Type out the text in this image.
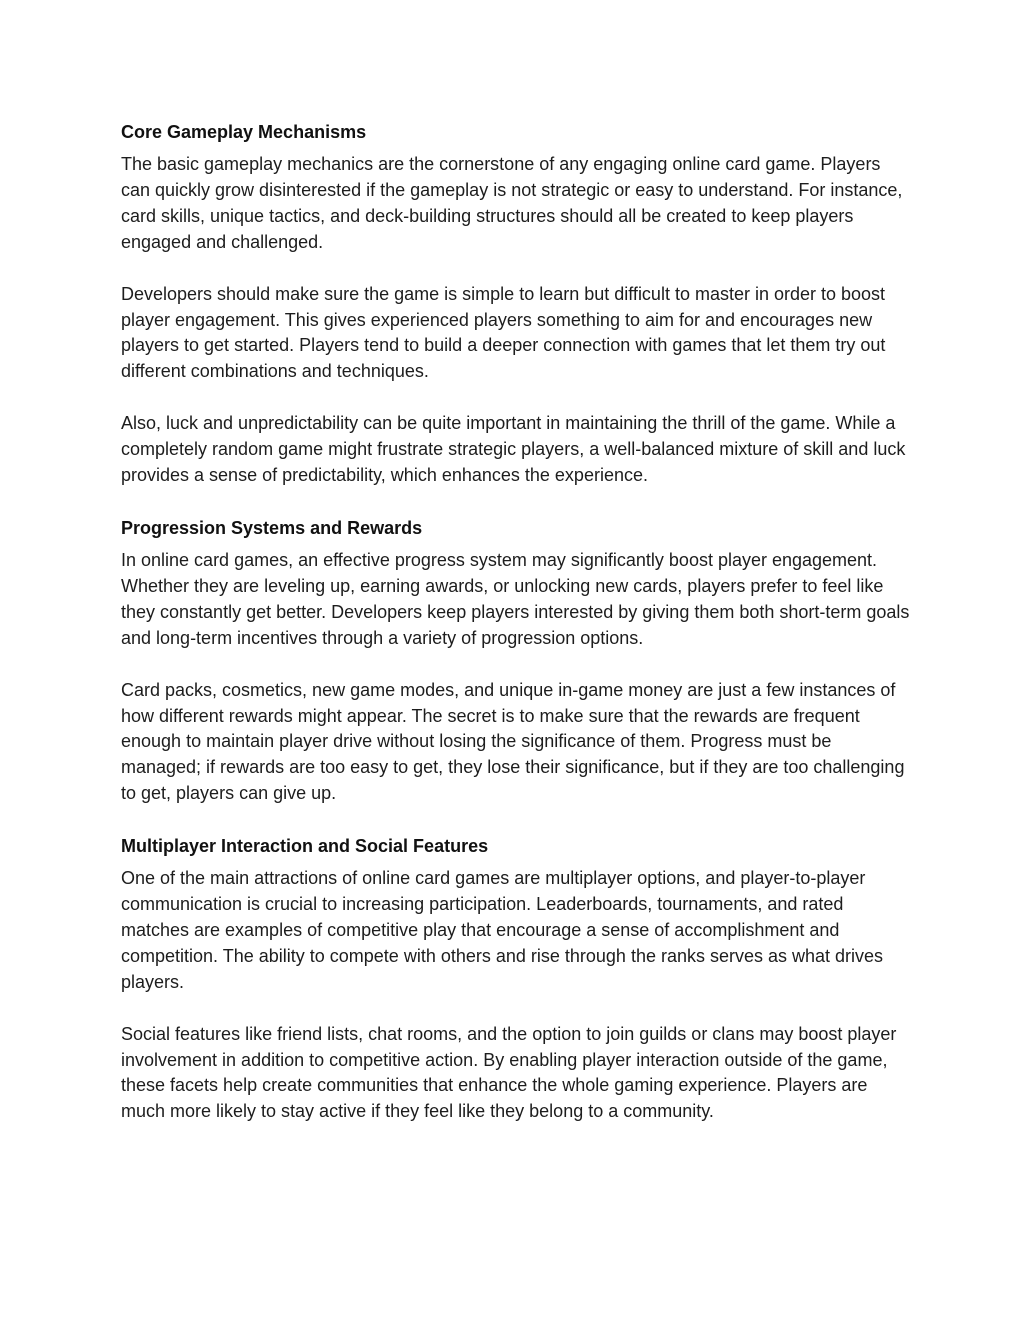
Core Gameplay Mechanisms

The basic gameplay mechanics are the cornerstone of any engaging online card game. Players can quickly grow disinterested if the gameplay is not strategic or easy to understand. For instance, card skills, unique tactics, and deck-building structures should all be created to keep players engaged and challenged.

Developers should make sure the game is simple to learn but difficult to master in order to boost player engagement. This gives experienced players something to aim for and encourages new players to get started. Players tend to build a deeper connection with games that let them try out different combinations and techniques.

Also, luck and unpredictability can be quite important in maintaining the thrill of the game. While a completely random game might frustrate strategic players, a well-balanced mixture of skill and luck provides a sense of predictability, which enhances the experience.

Progression Systems and Rewards

In online card games, an effective progress system may significantly boost player engagement. Whether they are leveling up, earning awards, or unlocking new cards, players prefer to feel like they constantly get better. Developers keep players interested by giving them both short-term goals and long-term incentives through a variety of progression options.

Card packs, cosmetics, new game modes, and unique in-game money are just a few instances of how different rewards might appear. The secret is to make sure that the rewards are frequent enough to maintain player drive without losing the significance of them. Progress must be managed; if rewards are too easy to get, they lose their significance, but if they are too challenging to get, players can give up.

Multiplayer Interaction and Social Features

One of the main attractions of online card games are multiplayer options, and player-to-player communication is crucial to increasing participation. Leaderboards, tournaments, and rated matches are examples of competitive play that encourage a sense of accomplishment and competition. The ability to compete with others and rise through the ranks serves as what drives players.

Social features like friend lists, chat rooms, and the option to join guilds or clans may boost player involvement in addition to competitive action. By enabling player interaction outside of the game, these facets help create communities that enhance the whole gaming experience. Players are much more likely to stay active if they feel like they belong to a community.
